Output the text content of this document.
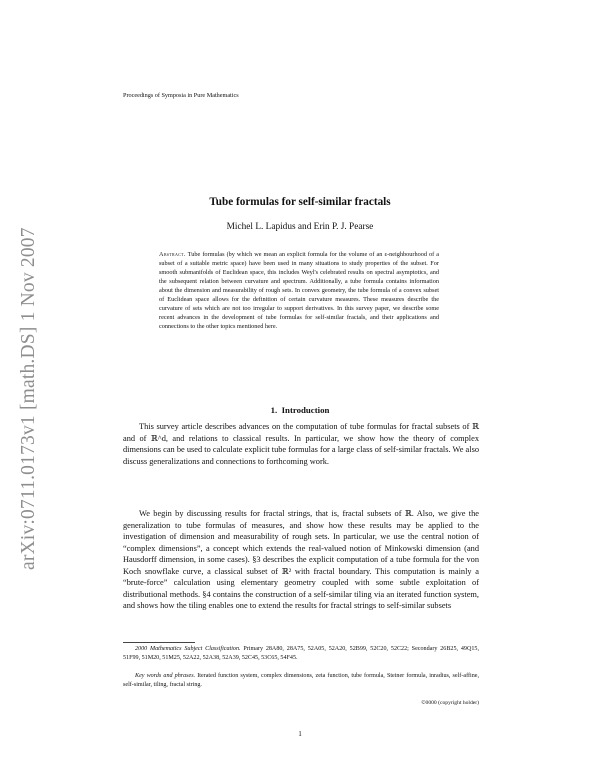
arXiv:0711.0173v1 [math.DS] 1 Nov 2007
Proceedings of Symposia in Pure Mathematics
Tube formulas for self-similar fractals
Michel L. Lapidus and Erin P. J. Pearse
Abstract. Tube formulas (by which we mean an explicit formula for the volume of an ε-neighbourhood of a subset of a suitable metric space) have been used in many situations to study properties of the subset. For smooth submanifolds of Euclidean space, this includes Weyl's celebrated results on spectral asymptotics, and the subsequent relation between curvature and spectrum. Additionally, a tube formula contains information about the dimension and measurability of rough sets. In convex geometry, the tube formula of a convex subset of Euclidean space allows for the definition of certain curvature measures. These measures describe the curvature of sets which are not too irregular to support derivatives. In this survey paper, we describe some recent advances in the development of tube formulas for self-similar fractals, and their applications and connections to the other topics mentioned here.
1. Introduction
This survey article describes advances on the computation of tube formulas for fractal subsets of ℝ and of ℝ^d, and relations to classical results. In particular, we show how the theory of complex dimensions can be used to calculate explicit tube formulas for a large class of self-similar fractals. We also discuss generalizations and connections to forthcoming work.
We begin by discussing results for fractal strings, that is, fractal subsets of ℝ. Also, we give the generalization to tube formulas of measures, and show how these results may be applied to the investigation of dimension and measurability of rough sets. In particular, we use the central notion of “complex dimensions”, a concept which extends the real-valued notion of Minkowski dimension (and Hausdorff dimension, in some cases). §3 describes the explicit computation of a tube formula for the von Koch snowflake curve, a classical subset of ℝ² with fractal boundary. This computation is mainly a “brute-force” calculation using elementary geometry coupled with some subtle exploitation of distributional methods. §4 contains the construction of a self-similar tiling via an iterated function system, and shows how the tiling enables one to extend the results for fractal strings to self-similar subsets
2000 Mathematics Subject Classification. Primary 28A80, 28A75, 52A05, 52A20, 52B99, 52C20, 52C22; Secondary 26B25, 49Q15, 51F99, 51M20, 51M25, 52A22, 52A38, 52A39, 52C45, 53C65, 54F45.
Key words and phrases. Iterated function system, complex dimensions, zeta function, tube formula, Steiner formula, inradius, self-affine, self-similar, tiling, fractal string.
©0000 (copyright holder)
1
